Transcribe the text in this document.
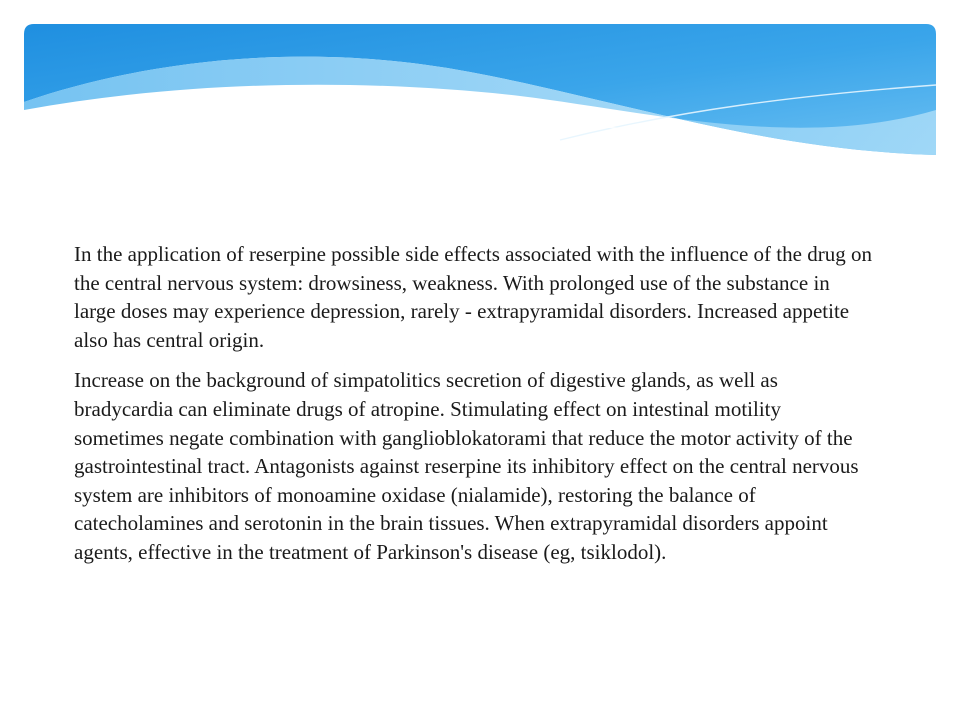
In the application of reserpine possible side effects associated with the influence of the drug on the central nervous system: drowsiness, weakness. With prolonged use of the substance in large doses may experience depression, rarely - extrapyramidal disorders. Increased appetite also has central origin.

Increase on the background of simpatolitics secretion of digestive glands, as well as bradycardia can eliminate drugs of atropine. Stimulating effect on intestinal motility sometimes negate combination with ganglioblokatorami that reduce the motor activity of the gastrointestinal tract. Antagonists against reserpine its inhibitory effect on the central nervous system are inhibitors of monoamine oxidase (nialamide), restoring the balance of catecholamines and serotonin in the brain tissues. When extrapyramidal disorders appoint agents, effective in the treatment of Parkinson's disease (eg, tsiklodol).
